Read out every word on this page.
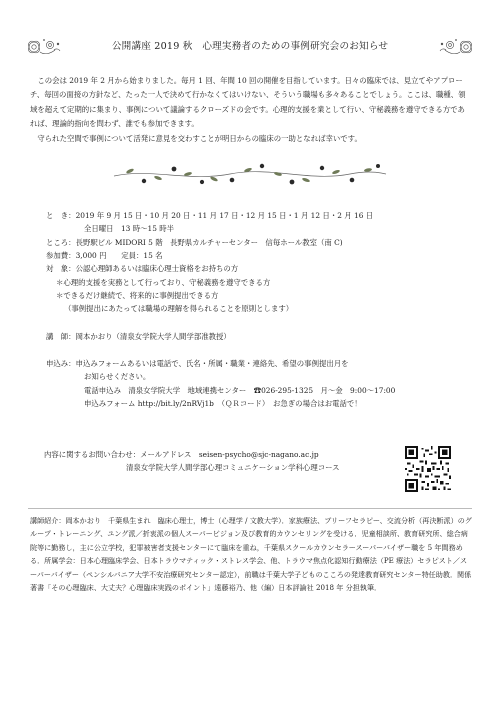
公開講座 2019 秋　心理実務者のための事例研究会のお知らせ

この会は 2019 年 2 月から始まりました。毎月 1 回、年間 10 回の開催を目指しています。日々の臨床では、見立てやアプローチ、毎回の面接の方針など、たった一人で決めて行かなくてはいけない、そういう職場も多々あることでしょう。ここは、職種、領域を超えて定期的に集まり、事例について議論するクローズドの会です。心理的支援を業として行い、守秘義務を遵守できる方であれば、理論的指向を問わず、誰でも参加できます。

守られた空間で事例について活発に意見を交わすことが明日からの臨床の一助となれば幸いです。

と　き： 2019 年 9 月 15 日・10 月 20 日・11 月 17 日・12 月 15 日・1 月 12 日・2 月 16 日
全日曜日　13 時～15 時半
ところ： 長野駅ビル MIDORI 5 階　長野県カルチャーセンター　信毎ホール教室（南 C)
参加費： 3,000 円　　定員：15 名
対　象： 公認心理師あるいは臨床心理士資格をお持ちの方
＊心理的支援を実務として行っており、守秘義務を遵守できる方
＊できるだけ継続で、将来的に事例提出できる方
（事例提出にあたっては職場の理解を得られることを原則とします）
講　師： 岡本かおり（清泉女学院大学人間学部准教授）
申込み： 申込みフォームあるいは電話で、氏名・所属・職業・連絡先、希望の事例提出月を
お知らせください。
電話申込み　清泉女学院大学　地域連携センター　☎026-295-1325　月～金　9:00～17:00
申込みフォーム http://bit.ly/2nRVj1b　（ＱＲコード）　お急ぎの場合はお電話で！
内容に関するお問い合わせ：メールアドレス　seisen-psycho@sjc-nagano.ac.jp
清泉女学院大学人間学部心理コミュニケーション学科心理コース
講師紹介：岡本かおり　千葉県生まれ　臨床心理士，博士（心理学 / 文教大学）．家族療法、ブリーフセラピー、交流分析（再決断派）のグループ・トレーニング、ユング派／折衷派の個人スーパービジョン及び教育的カウンセリングを受ける．児童相談所、教育研究所、総合病院等に勤務し，主に公立学校，犯罪被害者支援センターにて臨床を重ね，千葉県スクールカウンセラースーパーバイザー職を 5 年間務める．所属学会：日本心理臨床学会、日本トラウマティック・ストレス学会、他、トラウマ焦点化認知行動療法（PE 療法）セラピスト／スーパーバイザー（ペンシルバニア大学不安治療研究センター認定），前職は千葉大学子どものこころの発達教育研究センター特任助教．関係著書「その心理臨床、大丈夫？心理臨床実践のポイント」遠藤裕乃、他（編）日本評論社 2018 年 分担執筆．
